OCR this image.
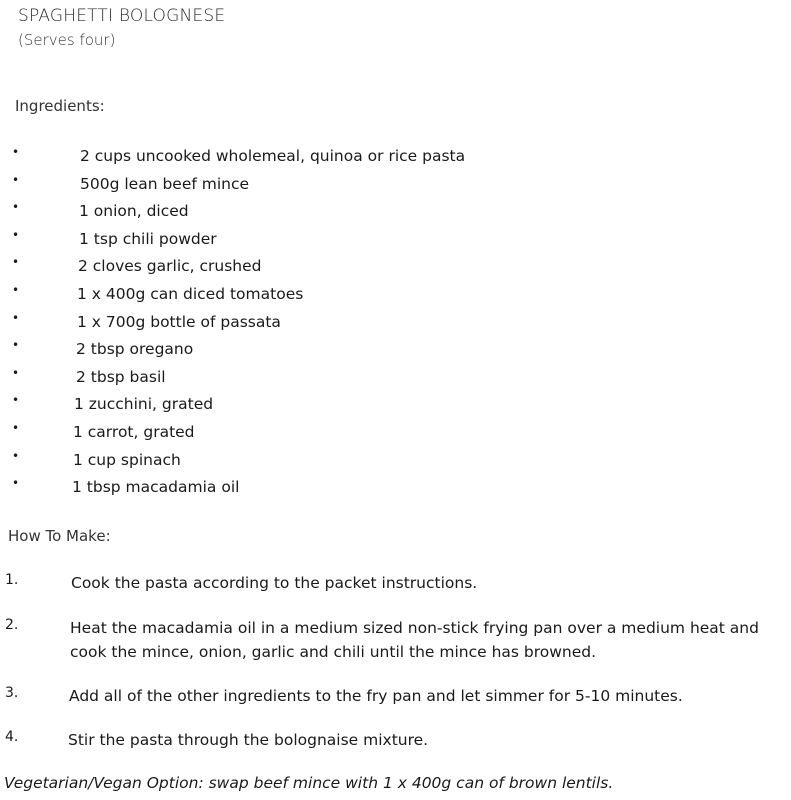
SPAGHETTI BOLOGNESE

(Serves four)

Ingredients:
•	2 cups uncooked wholemeal, quinoa or rice pasta
•	500g lean beef mince
•	1 onion, diced
•	1 tsp chili powder
•	2 cloves garlic, crushed
•	1 x 400g can diced tomatoes
•	1 x 700g bottle of passata
•	2 tbsp oregano
•	2 tbsp basil
•	1 zucchini, grated
•	1 carrot, grated
•	1 cup spinach
•	1 tbsp macadamia oil
How To Make:
1.	Cook the pasta according to the packet instructions.
2.	Heat the macadamia oil in a medium sized non-stick frying pan over a medium heat and cook the mince, onion, garlic and chili until the mince has browned.
3.	Add all of the other ingredients to the fry pan and let simmer for 5-10 minutes.
4.	Stir the pasta through the bolognaise mixture.

Vegetarian/Vegan Option: swap beef mince with 1 x 400g can of brown lentils.
